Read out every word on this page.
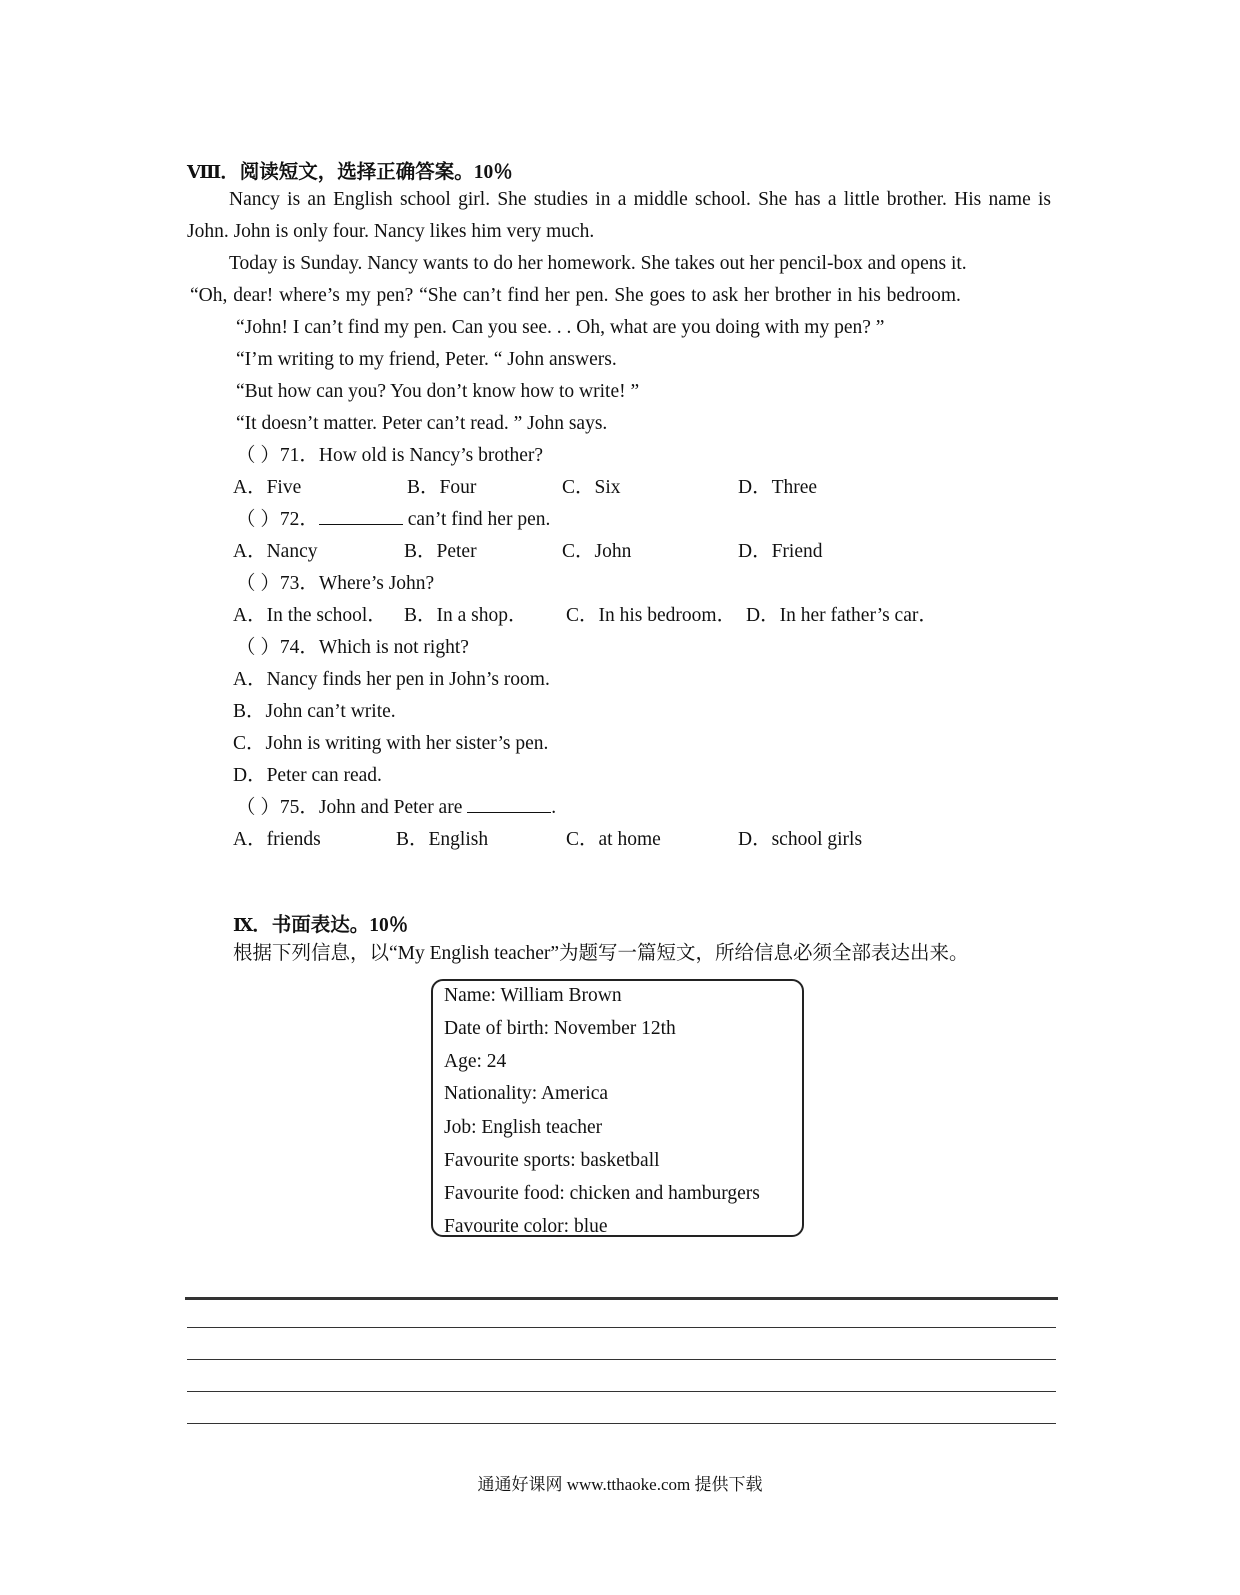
Ⅷ．阅读短文，选择正确答案。10％
Nancy is an English school girl. She studies in a middle school. She has a little brother. His name is John. John is only four. Nancy likes him very much.
Today is Sunday. Nancy wants to do her homework. She takes out her pencil-box and opens it.
“Oh, dear! where’s my pen? “She can’t find her pen. She goes to ask her brother in his bedroom.
“John! I can’t find my pen. Can you see. . . Oh, what are you doing with my pen? ”
“I’m writing to my friend, Peter. “ John answers.
“But how can you? You don’t know how to write! ”
“It doesn’t matter. Peter can’t read. ” John says.
（ ）71．How old is Nancy’s brother?
A．Five	B．Four	C．Six	D．Three
（ ）72．	can’t find her pen.
A．Nancy	B．Peter	C．John	D．Friend
（ ）73．Where’s John?
A．In the school． B．In a shop． C．In his bedroom． D．In her father’s car．
（ ）74．Which is not right?
A．Nancy finds her pen in John’s room.
B．John can’t write.
C．John is writing with her sister’s pen.
D．Peter can read.
（ ）75．John and Peter are	.
A．friends	B．English	C．at home	D．school girls
Ⅸ．书面表达。10％
根据下列信息，以“My English teacher”为题写一篇短文，所给信息必须全部表达出来。
Name: William Brown
Date of birth: November 12th
Age: 24
Nationality: America
Job: English teacher
Favourite sports: basketball
Favourite food: chicken and hamburgers
Favourite color: blue
通通好课网 www.tthaoke.com 提供下载
